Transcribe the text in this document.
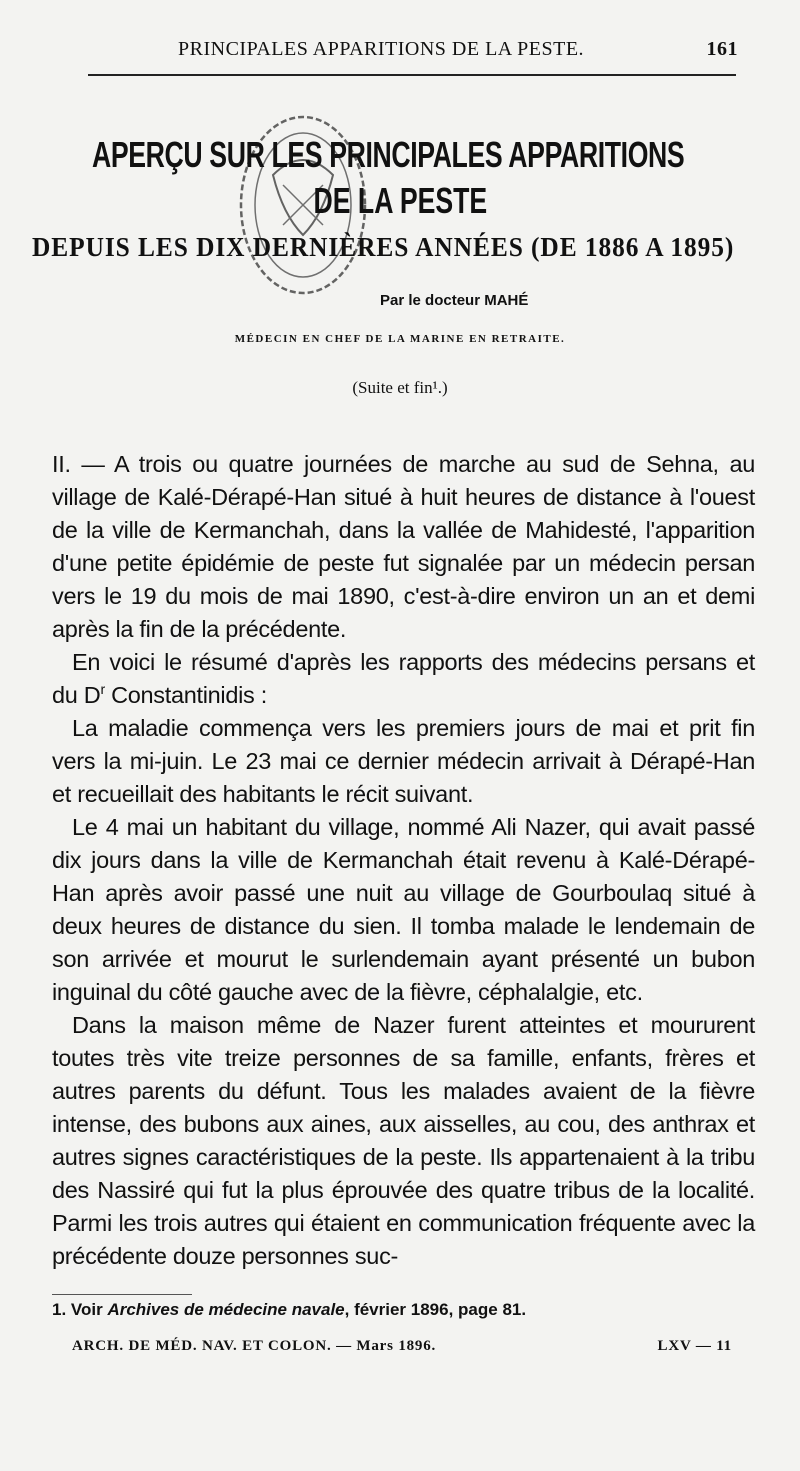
PRINCIPALES APPARITIONS DE LA PESTE.	161
APERÇU SUR LES PRINCIPALES APPARITIONS
DE LA PESTE
DEPUIS LES DIX DERNIÈRES ANNÉES (DE 1886 A 1895)
Par le docteur MAHÉ
MÉDECIN EN CHEF DE LA MARINE EN RETRAITE.
(Suite et fin¹.)

II. — A trois ou quatre journées de marche au sud de Sehna, au village de Kalé-Dérapé-Han situé à huit heures de distance à l'ouest de la ville de Kermanchah, dans la vallée de Mahidesté, l'apparition d'une petite épidémie de peste fut signalée par un médecin persan vers le 19 du mois de mai 1890, c'est-à-dire environ un an et demi après la fin de la précédente.

En voici le résumé d'après les rapports des médecins persans et du $D^r$ Constantinidis :

La maladie commença vers les premiers jours de mai et prit fin vers la mi-juin. Le 23 mai ce dernier médecin arrivait à Dérapé-Han et recueillait des habitants le récit suivant.

Le 4 mai un habitant du village, nommé Ali Nazer, qui avait passé dix jours dans la ville de Kermanchah était revenu à Kalé-Dérapé-Han après avoir passé une nuit au village de Gourboulaq situé à deux heures de distance du sien. Il tomba malade le lendemain de son arrivée et mourut le surlendemain ayant présenté un bubon inguinal du côté gauche avec de la fièvre, céphalalgie, etc.

Dans la maison même de Nazer furent atteintes et moururent toutes très vite treize personnes de sa famille, enfants, frères et autres parents du défunt. Tous les malades avaient de la fièvre intense, des bubons aux aines, aux aisselles, au cou, des anthrax et autres signes caractéristiques de la peste. Ils appartenaient à la tribu des Nassiré qui fut la plus éprouvée des quatre tribus de la localité. Parmi les trois autres qui étaient en communication fréquente avec la précédente douze personnes suc-

1. Voir Archives de médecine navale, février 1896, page 81.
ARCH. DE MÉD. NAV. ET COLON. — Mars 1896.	LXV — 11
